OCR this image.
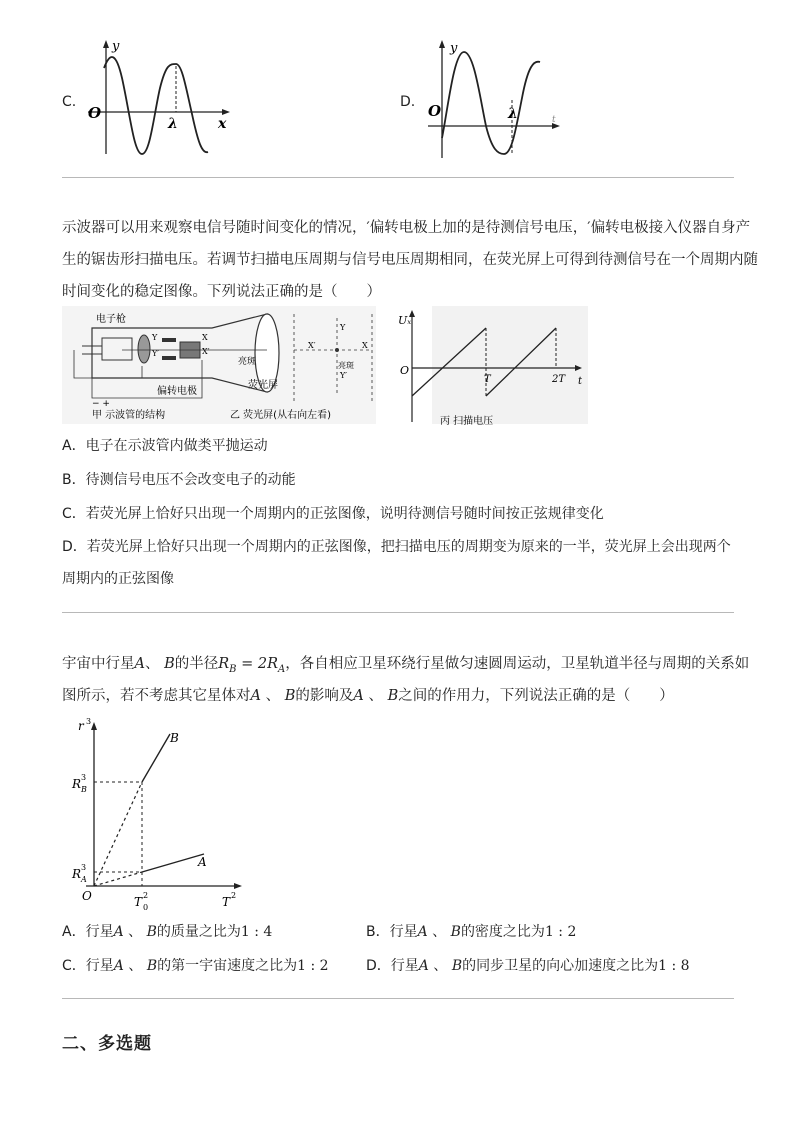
C.
y
O
λ	x
D.
y
O	λ	t
示波器可以用来观察电信号随时间变化的情况，′偏转电极上加的是待测信号电压，′偏转电极接入仪器自身产
生的锯齿形扫描电压。若调节扫描电压周期与信号电压周期相同，在荧光屏上可得到待测信号在一个周期内随
时间变化的稳定图像。下列说法正确的是（　　）
− +
电子枪
Y
Y′
X
X′
偏转电极
亮斑
荧光屏
甲 示波管的结构	乙 荧光屏(从右向左看)
Y
Y′
X′	X
亮斑
Uₓ
O
T	2T t
丙 扫描电压
A．电子在示波管内做类平抛运动
B．待测信号电压不会改变电子的动能
C．若荧光屏上恰好只出现一个周期内的正弦图像，说明待测信号随时间按正弦规律变化
D．若荧光屏上恰好只出现一个周期内的正弦图像，把扫描电压的周期变为原来的一半，荧光屏上会出现两个
周期内的正弦图像
宇宙中行星A、 B的半径$R_B = 2R_A$，各自相应卫星环绕行星做匀速圆周运动，卫星轨道半径与周期的关系如
图所示，若不考虑其它星体对A 、 B的影响及A 、 B之间的作用力，下列说法正确的是（　　）
r 3
T 2
R 3
B
R 3
A
O	T 2
0
B
A
A．行星A 、 B的质量之比为1 : 4	B．行星A 、 B的密度之比为1 : 2
C．行星A 、 B的第一宇宙速度之比为1 : 2	D．行星A 、 B的同步卫星的向心加速度之比为1 : 8
二、多选题
